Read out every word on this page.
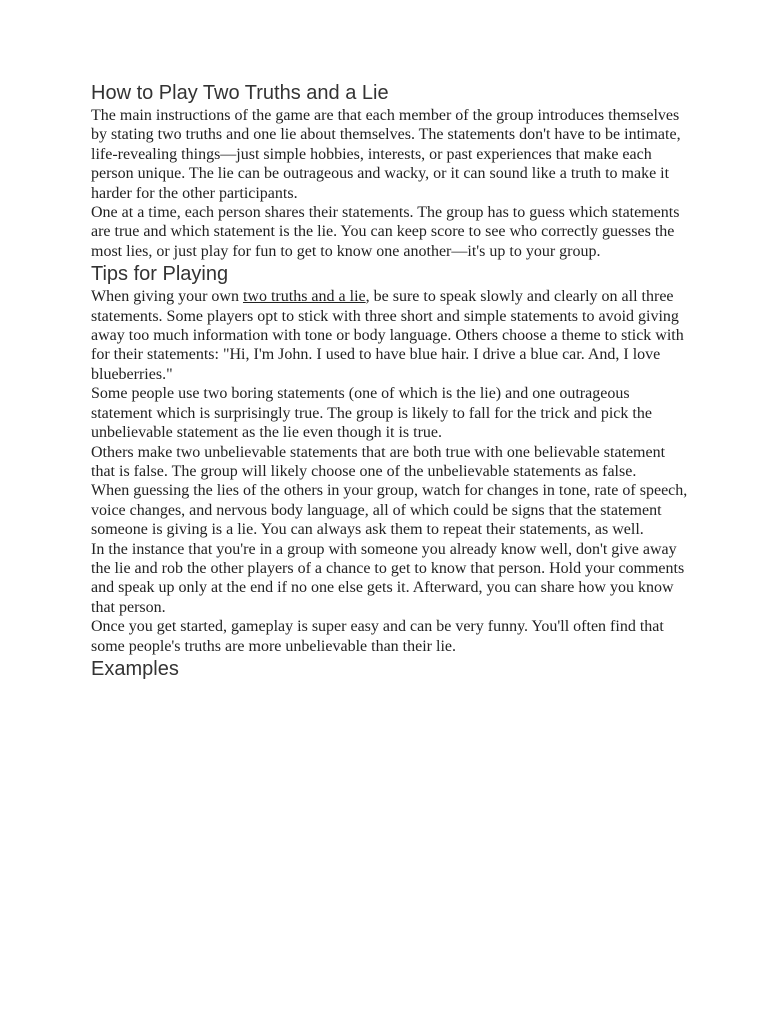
How to Play Two Truths and a Lie

The main instructions of the game are that each member of the group introduces themselves by stating two truths and one lie about themselves. The statements don't have to be intimate, life-revealing things—just simple hobbies, interests, or past experiences that make each person unique. The lie can be outrageous and wacky, or it can sound like a truth to make it harder for the other participants.

One at a time, each person shares their statements. The group has to guess which statements are true and which statement is the lie. You can keep score to see who correctly guesses the most lies, or just play for fun to get to know one another—it's up to your group.

Tips for Playing

When giving your own two truths and a lie, be sure to speak slowly and clearly on all three statements. Some players opt to stick with three short and simple statements to avoid giving away too much information with tone or body language. Others choose a theme to stick with for their statements: "Hi, I'm John. I used to have blue hair. I drive a blue car. And, I love blueberries."

Some people use two boring statements (one of which is the lie) and one outrageous statement which is surprisingly true. The group is likely to fall for the trick and pick the unbelievable statement as the lie even though it is true.

Others make two unbelievable statements that are both true with one believable statement that is false. The group will likely choose one of the unbelievable statements as false.

When guessing the lies of the others in your group, watch for changes in tone, rate of speech, voice changes, and nervous body language, all of which could be signs that the statement someone is giving is a lie. You can always ask them to repeat their statements, as well.

In the instance that you're in a group with someone you already know well, don't give away the lie and rob the other players of a chance to get to know that person. Hold your comments and speak up only at the end if no one else gets it. Afterward, you can share how you know that person.

Once you get started, gameplay is super easy and can be very funny. You'll often find that some people's truths are more unbelievable than their lie.

Examples
